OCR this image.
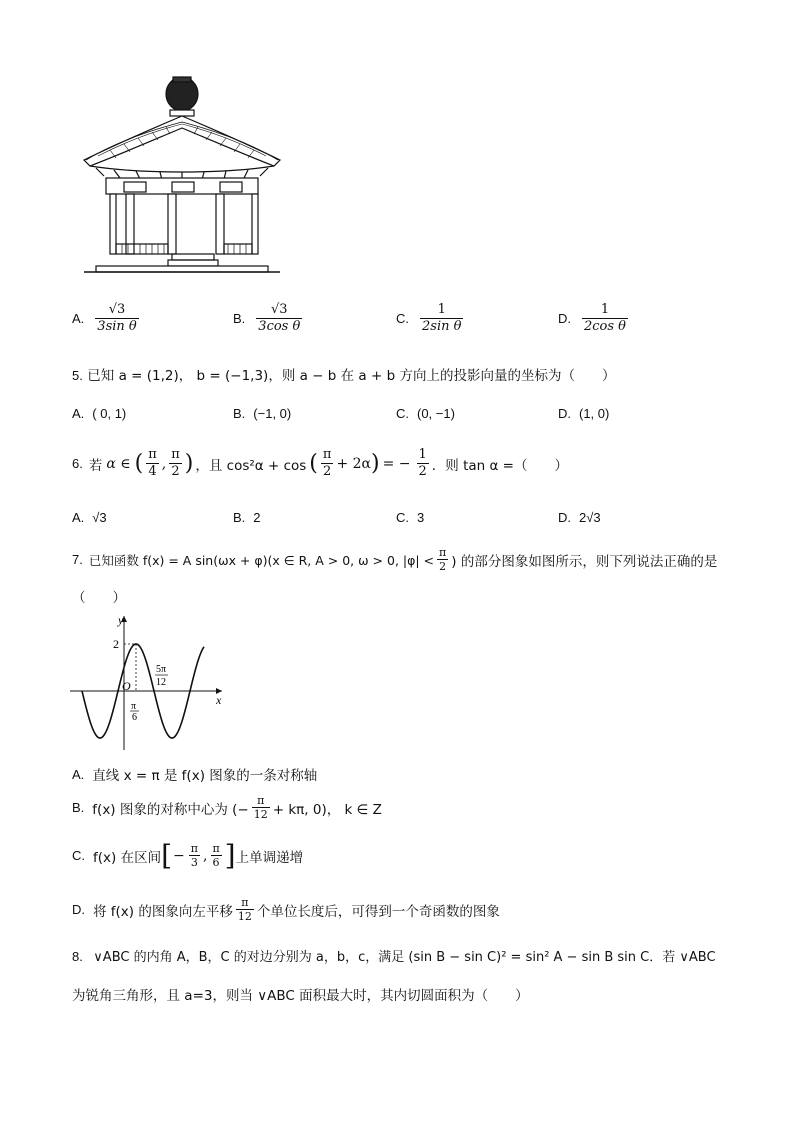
A. $\frac{√3}{\text{3sin θ}}$	B. $\frac{√3}{\text{3cos θ}}$	C. $\frac{1}{\text{2sin θ}}$	D. $\frac{1}{\text{2cos θ}}$
5. 已知 a = (1,2)， b = (−1,3)，则 a − b 在 a + b 方向上的投影向量的坐标为（　　）
A. ( 0, 1)	B. (−1, 0)	C. (0, −1)	D. (1, 0)
6. 若 α ∈ ( $\frac{\pi}{4}$ , $\frac{\pi}{2}$ ) ，且 cos²α + cos ( $\frac{\pi}{2} + 2\alpha$ ) = − $\frac{1}{2}$ ．则 tan α =（　　）
A. √3	B. 2	C. 3	D. 2√3
7. 已知函数 f(x) = A sin(ωx + φ)(x ∈ R, A > 0, ω > 0, $|\varphi| < \frac{\pi}{2}$ ) 的部分图象如图所示，则下列说法正确的是
（　　）
y
x
2
O
π
6
5π
12
A. 直线 x = π 是 f(x) 图象的一条对称轴
B. f(x) 图象的对称中心为 (− $\frac{\pi}{12} + k\pi$, 0)， k ∈ Z
C. f(x) 在区间 [ − $\frac{\pi}{3}$ , $\frac{\pi}{6}$ ] 上单调递增
D. 将 f(x) 的图象向左平移 $\frac{\pi}{12}$ 个单位长度后，可得到一个奇函数的图象
8. ∨ABC 的内角 A，B，C 的对边分别为 a，b，c，满足 (sin B − sin C)² = sin² A − sin B sin C．若 ∨ABC
为锐角三角形，且 a=3，则当 ∨ABC 面积最大时，其内切圆面积为（　　）
